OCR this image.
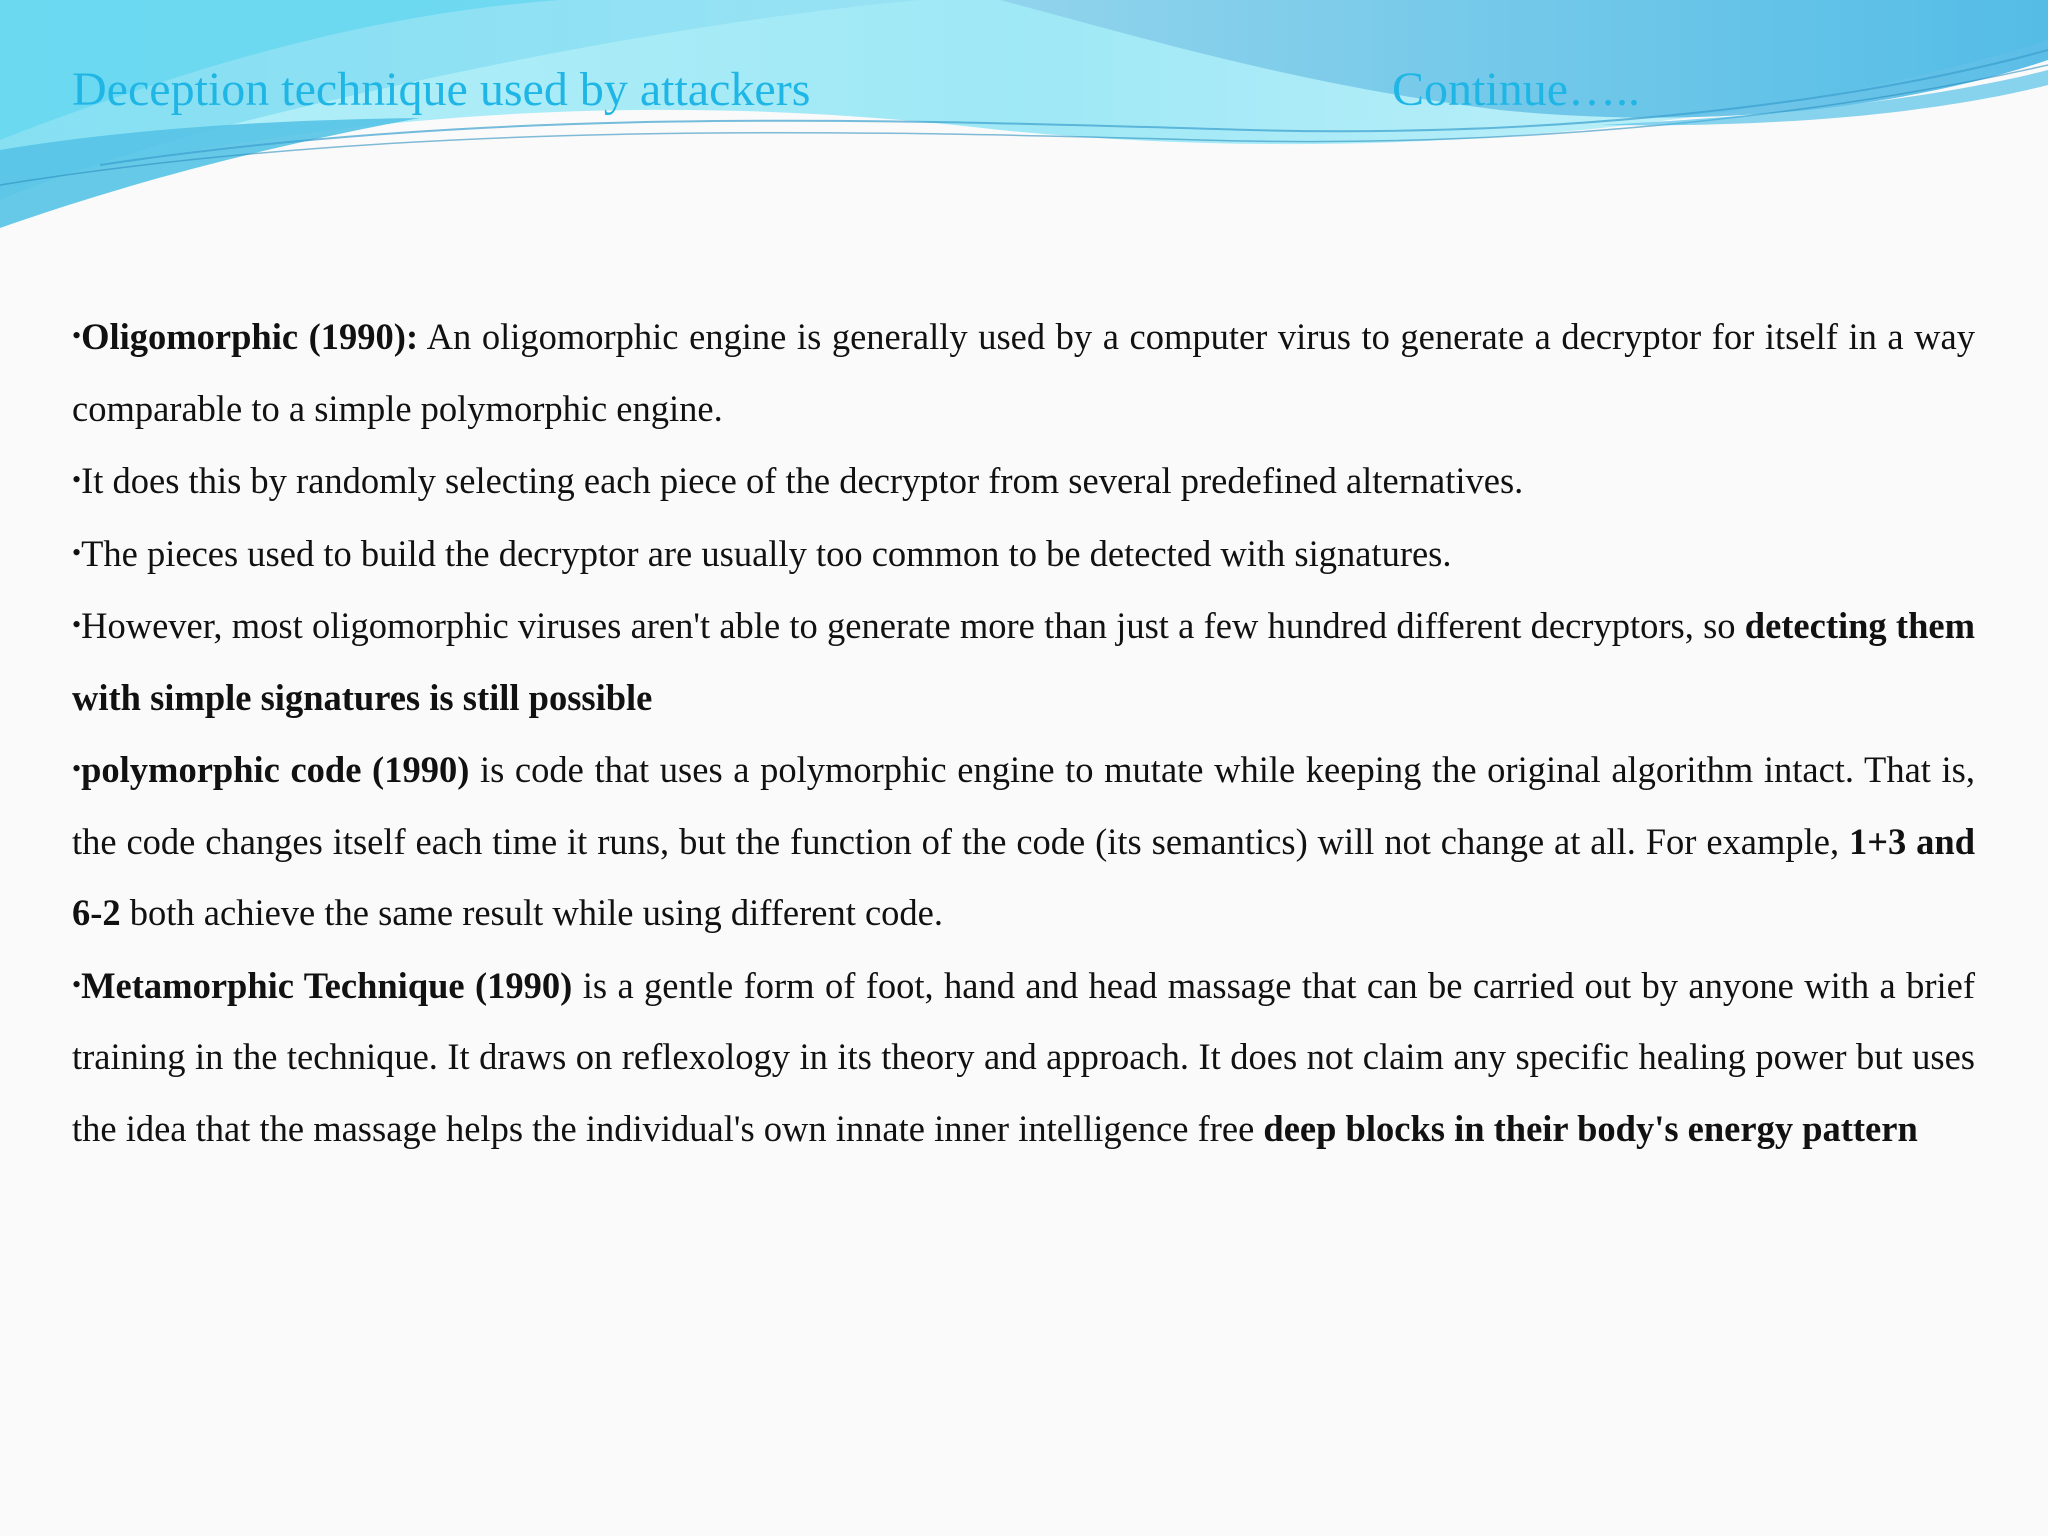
Deception technique used by attackers	Continue…..

•Oligomorphic (1990): An oligomorphic engine is generally used by a computer virus to generate a decryptor for itself in a way comparable to a simple polymorphic engine.

•It does this by randomly selecting each piece of the decryptor from several predefined alternatives.

•The pieces used to build the decryptor are usually too common to be detected with signatures.

•However, most oligomorphic viruses aren't able to generate more than just a few hundred different decryptors, so detecting them with simple signatures is still possible

•polymorphic code (1990) is code that uses a polymorphic engine to mutate while keeping the original algorithm intact. That is, the code changes itself each time it runs, but the function of the code (its semantics) will not change at all. For example, 1+3 and 6-2 both achieve the same result while using different code.

•Metamorphic Technique (1990) is a gentle form of foot, hand and head massage that can be carried out by anyone with a brief training in the technique. It draws on reflexology in its theory and approach. It does not claim any specific healing power but uses the idea that the massage helps the individual's own innate inner intelligence free deep blocks in their body's energy pattern
